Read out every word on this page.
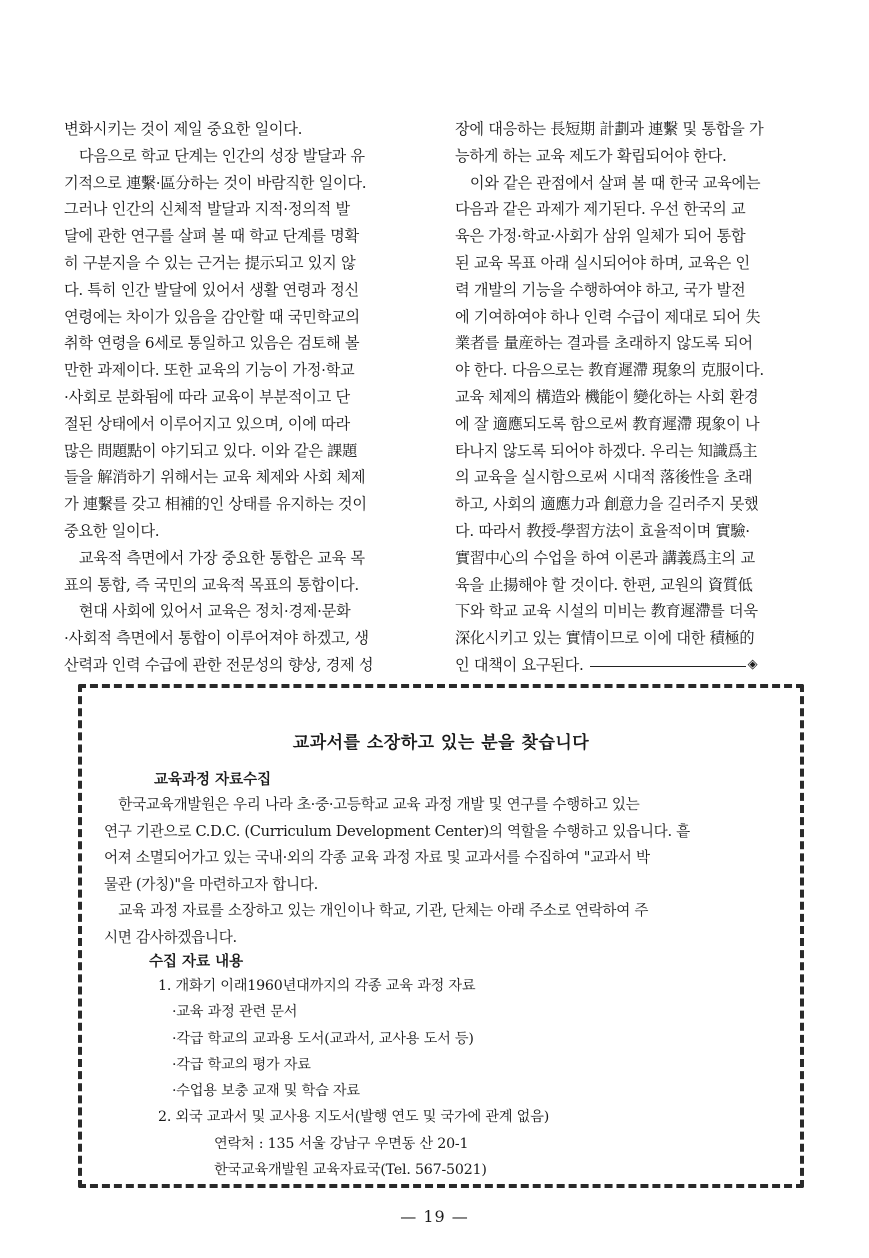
변화시키는 것이 제일 중요한 일이다.
　다음으로 학교 단계는 인간의 성장 발달과 유
기적으로 連繫·區分하는 것이 바람직한 일이다.
그러나 인간의 신체적 발달과 지적·정의적 발
달에 관한 연구를 살펴 볼 때 학교 단계를 명확
히 구분지을 수 있는 근거는 提示되고 있지 않
다. 특히 인간 발달에 있어서 생활 연령과 정신
연령에는 차이가 있음을 감안할 때 국민학교의
취학 연령을 6세로 통일하고 있음은 검토해 볼
만한 과제이다. 또한 교육의 기능이 가정·학교
·사회로 분화됨에 따라 교육이 부분적이고 단
절된 상태에서 이루어지고 있으며, 이에 따라
많은 問題點이 야기되고 있다. 이와 같은 課題
들을 解消하기 위해서는 교육 체제와 사회 체제
가 連繫를 갖고 相補的인 상태를 유지하는 것이
중요한 일이다.
　교육적 측면에서 가장 중요한 통합은 교육 목
표의 통합, 즉 국민의 교육적 목표의 통합이다.
　현대 사회에 있어서 교육은 정치·경제·문화
·사회적 측면에서 통합이 이루어져야 하겠고, 생
산력과 인력 수급에 관한 전문성의 향상, 경제 성
장에 대응하는 長短期 計劃과 連繫 및 통합을 가
능하게 하는 교육 제도가 확립되어야 한다.
　이와 같은 관점에서 살펴 볼 때 한국 교육에는
다음과 같은 과제가 제기된다. 우선 한국의 교
육은 가정·학교·사회가 삼위 일체가 되어 통합
된 교육 목표 아래 실시되어야 하며, 교육은 인
력 개발의 기능을 수행하여야 하고, 국가 발전
에 기여하여야 하나 인력 수급이 제대로 되어 失
業者를 量産하는 결과를 초래하지 않도록 되어
야 한다. 다음으로는 教育遲滯 現象의 克服이다.
교육 체제의 構造와 機能이 變化하는 사회 환경
에 잘 適應되도록 함으로써 教育遲滯 現象이 나
타나지 않도록 되어야 하겠다. 우리는 知識爲主
의 교육을 실시함으로써 시대적 落後性을 초래
하고, 사회의 適應力과 創意力을 길러주지 못했
다. 따라서 教授-學習方法이 효율적이며 實驗·
實習中心의 수업을 하여 이론과 講義爲主의 교
육을 止揚해야 할 것이다. 한편, 교원의 資質低
下와 학교 교육 시설의 미비는 教育遲滯를 더욱
深化시키고 있는 實情이므로 이에 대한 積極的
인 대책이 요구된다.	◈
교과서를 소장하고 있는 분을 찾습니다
교육과정 자료수집
　한국교육개발원은 우리 나라 초·중·고등학교 교육 과정 개발 및 연구를 수행하고 있는
연구 기관으로 C.D.C. (Curriculum Development Center)의 역할을 수행하고 있읍니다. 흩
어져 소멸되어가고 있는 국내·외의 각종 교육 과정 자료 및 교과서를 수집하여 "교과서 박
물관 (가칭)"을 마련하고자 합니다.
　교육 과정 자료를 소장하고 있는 개인이나 학교, 기관, 단체는 아래 주소로 연락하여 주
시면 감사하겠읍니다.
수집 자료 내용
1. 개화기 이래1960년대까지의 각종 교육 과정 자료
　·교육 과정 관련 문서
　·각급 학교의 교과용 도서(교과서, 교사용 도서 등)
　·각급 학교의 평가 자료
　·수업용 보충 교재 및 학습 자료
2. 외국 교과서 및 교사용 지도서(발행 연도 및 국가에 관계 없음)
　　　　연락처 : 135 서울 강남구 우면동 산 20-1
　　　　한국교육개발원 교육자료국(Tel. 567-5021)
— 19 —
